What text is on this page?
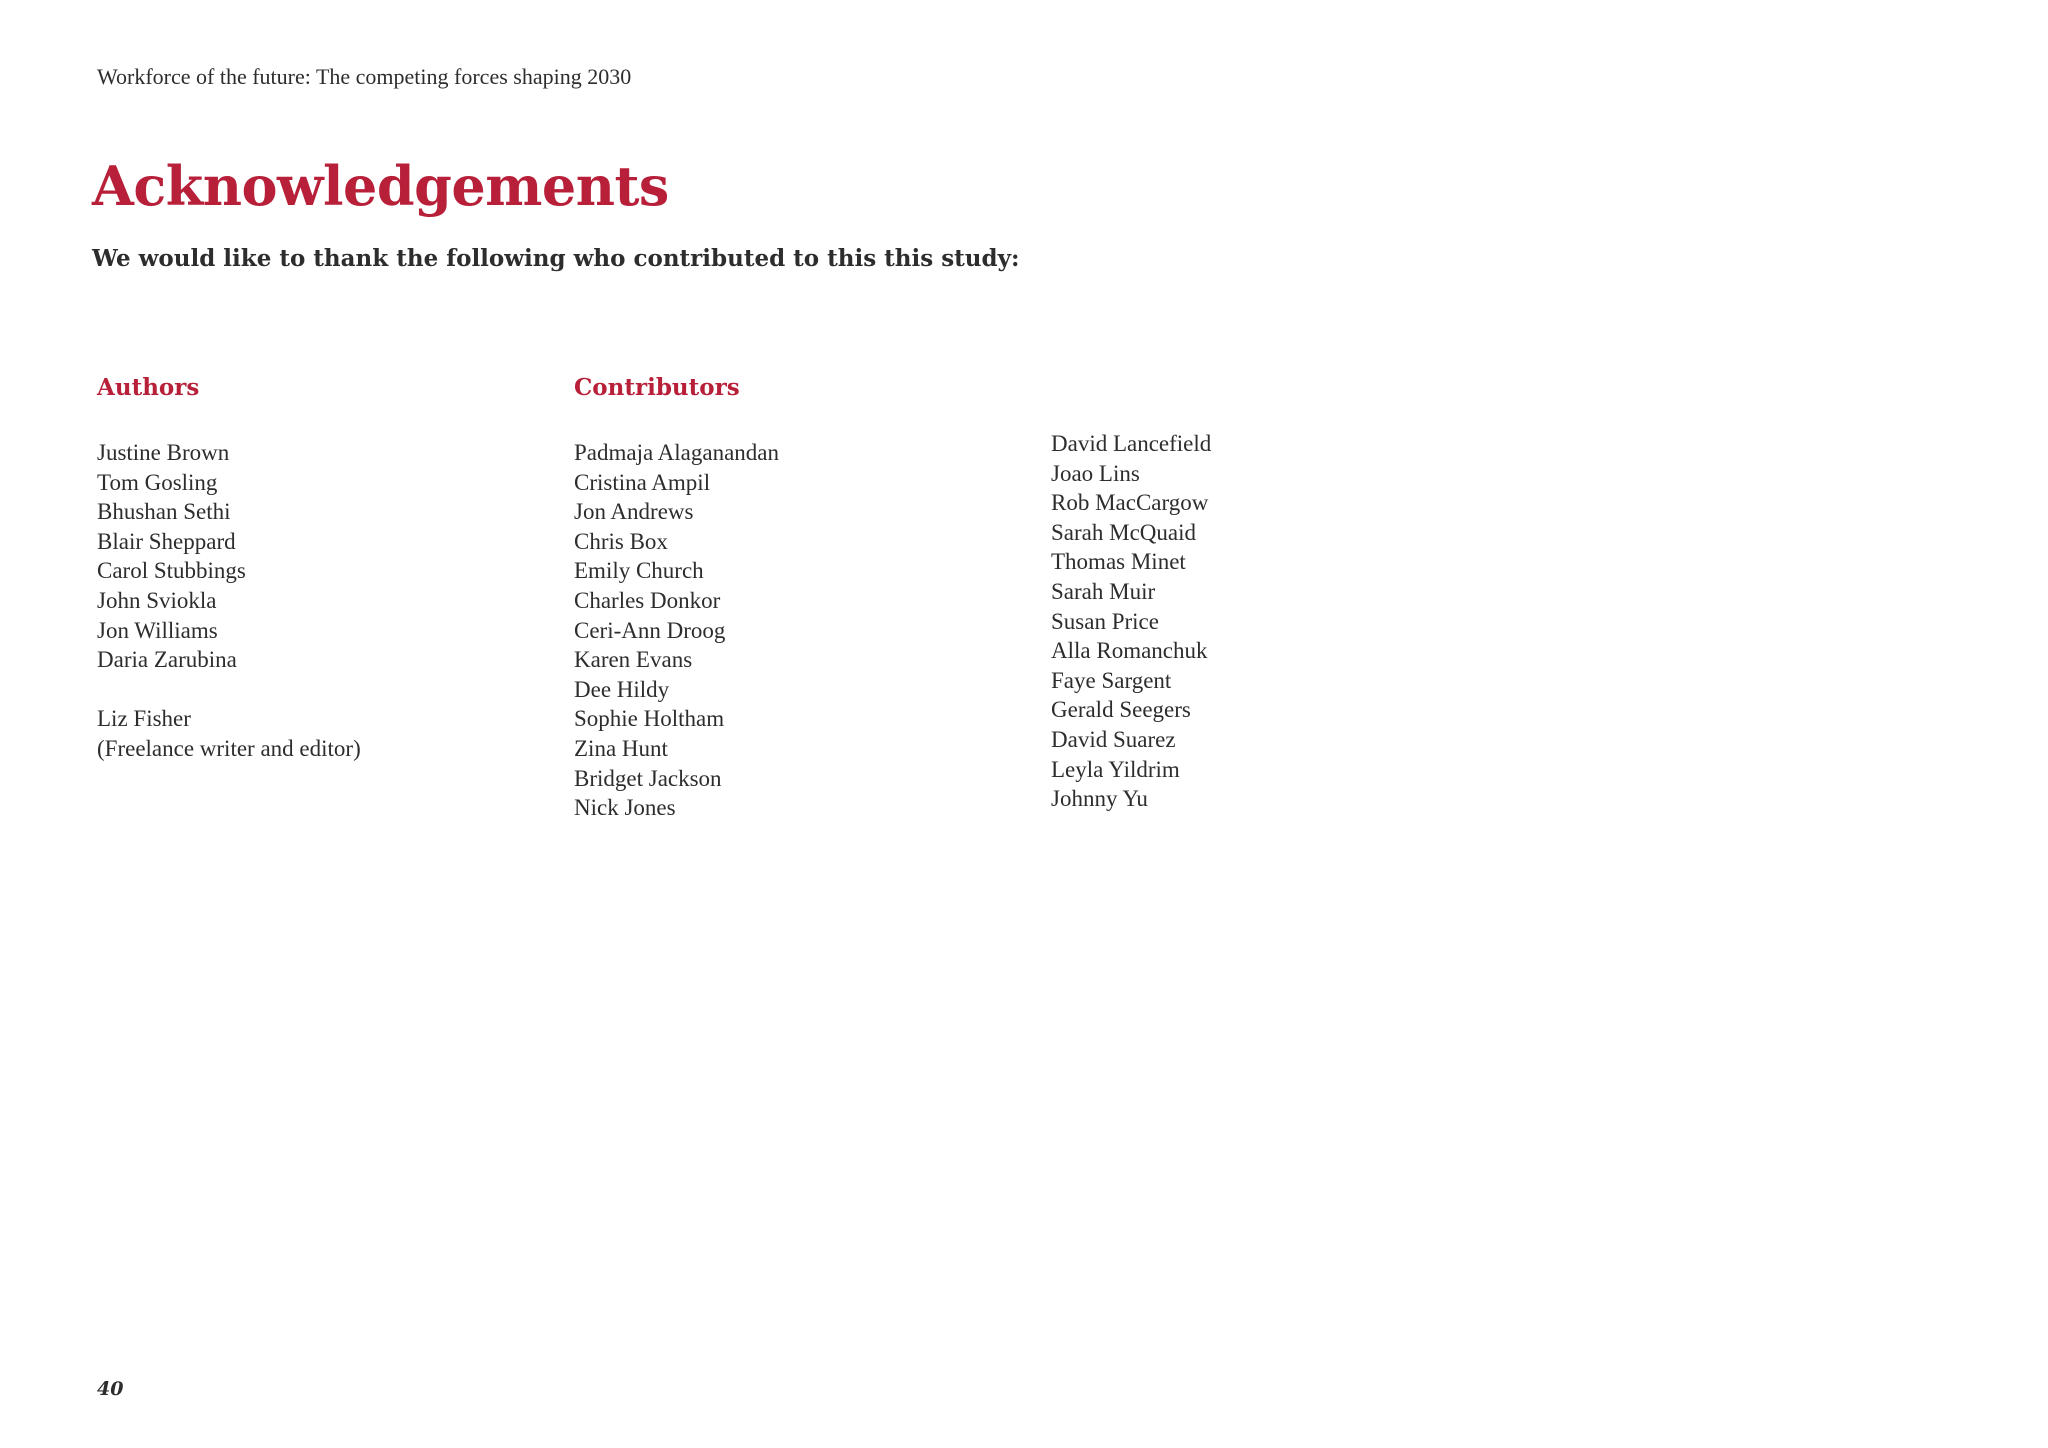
Workforce of the future: The competing forces shaping 2030
Acknowledgements

We would like to thank the following who contributed to this this study:

Authors
Justine Brown
Tom Gosling
Bhushan Sethi
Blair Sheppard
Carol Stubbings
John Sviokla
Jon Williams
Daria Zarubina
Liz Fisher
(Freelance writer and editor)
Contributors
Padmaja Alaganandan
Cristina Ampil
Jon Andrews
Chris Box
Emily Church
Charles Donkor
Ceri-Ann Droog
Karen Evans
Dee Hildy
Sophie Holtham
Zina Hunt
Bridget Jackson
Nick Jones
David Lancefield
Joao Lins
Rob MacCargow
Sarah McQuaid
Thomas Minet
Sarah Muir
Susan Price
Alla Romanchuk
Faye Sargent
Gerald Seegers
David Suarez
Leyla Yildrim
Johnny Yu
40
